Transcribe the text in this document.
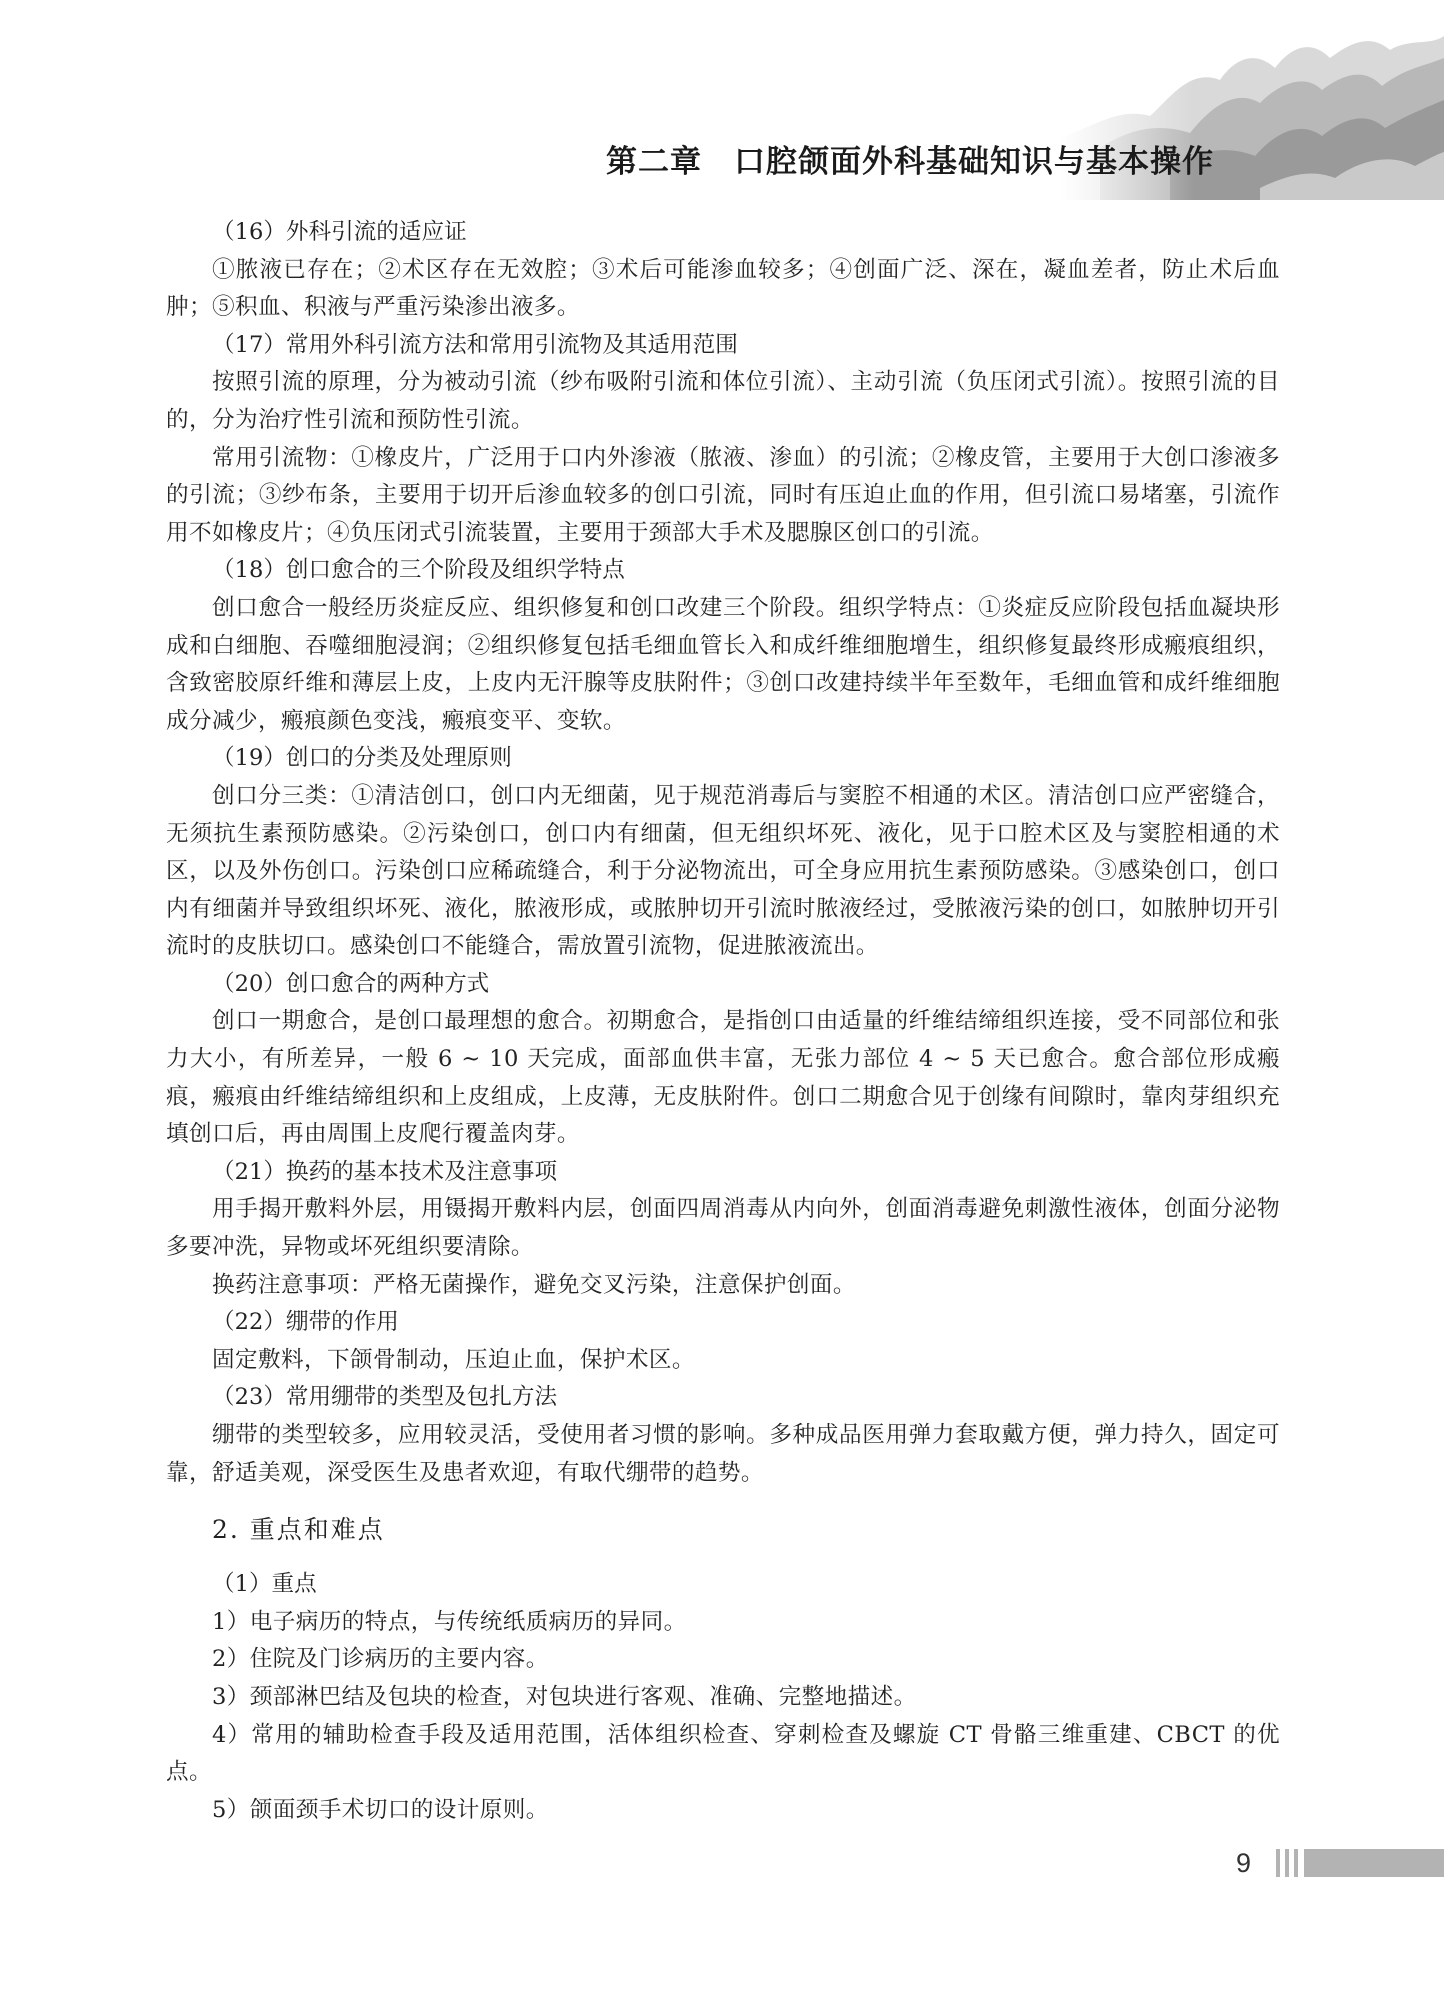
第二章　口腔颌面外科基础知识与基本操作

（16）外科引流的适应证

①脓液已存在；②术区存在无效腔；③术后可能渗血较多；④创面广泛、深在，凝血差者，防止术后血肿；⑤积血、积液与严重污染渗出液多。

（17）常用外科引流方法和常用引流物及其适用范围

按照引流的原理，分为被动引流（纱布吸附引流和体位引流）、主动引流（负压闭式引流）。按照引流的目的，分为治疗性引流和预防性引流。

常用引流物：①橡皮片，广泛用于口内外渗液（脓液、渗血）的引流；②橡皮管，主要用于大创口渗液多的引流；③纱布条，主要用于切开后渗血较多的创口引流，同时有压迫止血的作用，但引流口易堵塞，引流作用不如橡皮片；④负压闭式引流装置，主要用于颈部大手术及腮腺区创口的引流。

（18）创口愈合的三个阶段及组织学特点

创口愈合一般经历炎症反应、组织修复和创口改建三个阶段。组织学特点：①炎症反应阶段包括血凝块形成和白细胞、吞噬细胞浸润；②组织修复包括毛细血管长入和成纤维细胞增生，组织修复最终形成瘢痕组织，含致密胶原纤维和薄层上皮，上皮内无汗腺等皮肤附件；③创口改建持续半年至数年，毛细血管和成纤维细胞成分减少，瘢痕颜色变浅，瘢痕变平、变软。

（19）创口的分类及处理原则

创口分三类：①清洁创口，创口内无细菌，见于规范消毒后与窦腔不相通的术区。清洁创口应严密缝合，无须抗生素预防感染。②污染创口，创口内有细菌，但无组织坏死、液化，见于口腔术区及与窦腔相通的术区，以及外伤创口。污染创口应稀疏缝合，利于分泌物流出，可全身应用抗生素预防感染。③感染创口，创口内有细菌并导致组织坏死、液化，脓液形成，或脓肿切开引流时脓液经过，受脓液污染的创口，如脓肿切开引流时的皮肤切口。感染创口不能缝合，需放置引流物，促进脓液流出。

（20）创口愈合的两种方式

创口一期愈合，是创口最理想的愈合。初期愈合，是指创口由适量的纤维结缔组织连接，受不同部位和张力大小，有所差异，一般 6 ~ 10 天完成，面部血供丰富，无张力部位 4 ~ 5 天已愈合。愈合部位形成瘢痕，瘢痕由纤维结缔组织和上皮组成，上皮薄，无皮肤附件。创口二期愈合见于创缘有间隙时，靠肉芽组织充填创口后，再由周围上皮爬行覆盖肉芽。

（21）换药的基本技术及注意事项

用手揭开敷料外层，用镊揭开敷料内层，创面四周消毒从内向外，创面消毒避免刺激性液体，创面分泌物多要冲洗，异物或坏死组织要清除。

换药注意事项：严格无菌操作，避免交叉污染，注意保护创面。

（22）绷带的作用

固定敷料，下颌骨制动，压迫止血，保护术区。

（23）常用绷带的类型及包扎方法

绷带的类型较多，应用较灵活，受使用者习惯的影响。多种成品医用弹力套取戴方便，弹力持久，固定可靠，舒适美观，深受医生及患者欢迎，有取代绷带的趋势。

2. 重点和难点

（1）重点

1）电子病历的特点，与传统纸质病历的异同。

2）住院及门诊病历的主要内容。

3）颈部淋巴结及包块的检查，对包块进行客观、准确、完整地描述。

4）常用的辅助检查手段及适用范围，活体组织检查、穿刺检查及螺旋 CT 骨骼三维重建、CBCT 的优点。

5）颌面颈手术切口的设计原则。

9
